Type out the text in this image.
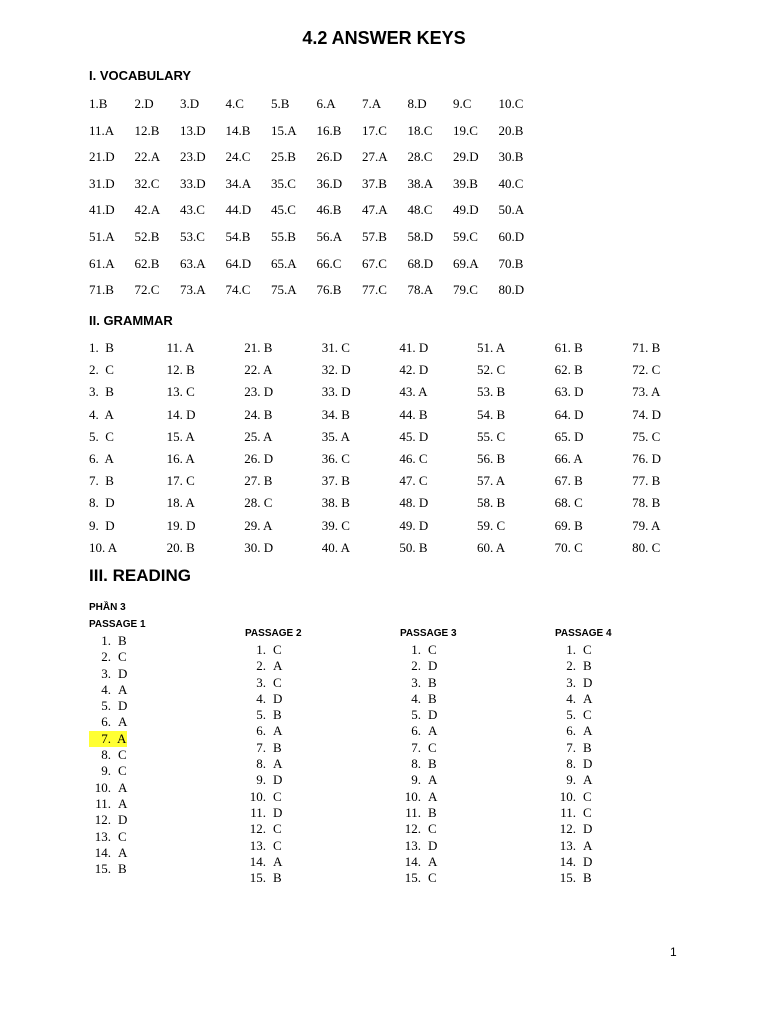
4.2 ANSWER KEYS
I. VOCABULARY
1.B	2.D	3.D	4.C	5.B	6.A	7.A	8.D	9.C	10.C
11.A	12.B	13.D	14.B	15.A	16.B	17.C	18.C	19.C	20.B
21.D	22.A	23.D	24.C	25.B	26.D	27.A	28.C	29.D	30.B
31.D	32.C	33.D	34.A	35.C	36.D	37.B	38.A	39.B	40.C
41.D	42.A	43.C	44.D	45.C	46.B	47.A	48.C	49.D	50.A
51.A	52.B	53.C	54.B	55.B	56.A	57.B	58.D	59.C	60.D
61.A	62.B	63.A	64.D	65.A	66.C	67.C	68.D	69.A	70.B
71.B	72.C	73.A	74.C	75.A	76.B	77.C	78.A	79.C	80.D
II. GRAMMAR
1.  B	11. A	21. B	31. C	41. D	51. A	61. B	71. B
2.  C	12. B	22. A	32. D	42. D	52. C	62. B	72. C
3.  B	13. C	23. D	33. D	43. A	53. B	63. D	73. A
4.  A	14. D	24. B	34. B	44. B	54. B	64. D	74. D
5.  C	15. A	25. A	35. A	45. D	55. C	65. D	75. C
6.  A	16. A	26. D	36. C	46. C	56. B	66. A	76. D
7.  B	17. C	27. B	37. B	47. C	57. A	67. B	77. B
8.  D	18. A	28. C	38. B	48. D	58. B	68. C	78. B
9.  D	19. D	29. A	39. C	49. D	59. C	69. B	79. A
10. A	20. B	30. D	40. A	50. B	60. A	70. C	80. C
III. READING
PHẦN 3
PASSAGE 1
1. B
2. C
3. D
4. A
5. D
6. A
7. A
8. C
9. C
10. A
11. A
12. D
13. C
14. A
15. B
PASSAGE 2
1. C
2. A
3. C
4. D
5. B
6. A
7. B
8. A
9. D
10. C
11. D
12. C
13. C
14. A
15. B
PASSAGE 3
1. C
2. D
3. B
4. B
5. D
6. A
7. C
8. B
9. A
10. A
11. B
12. C
13. D
14. A
15. C
PASSAGE 4
1. C
2. B
3. D
4. A
5. C
6. A
7. B
8. D
9. A
10. C
11. C
12. D
13. A
14. D
15. B
1
